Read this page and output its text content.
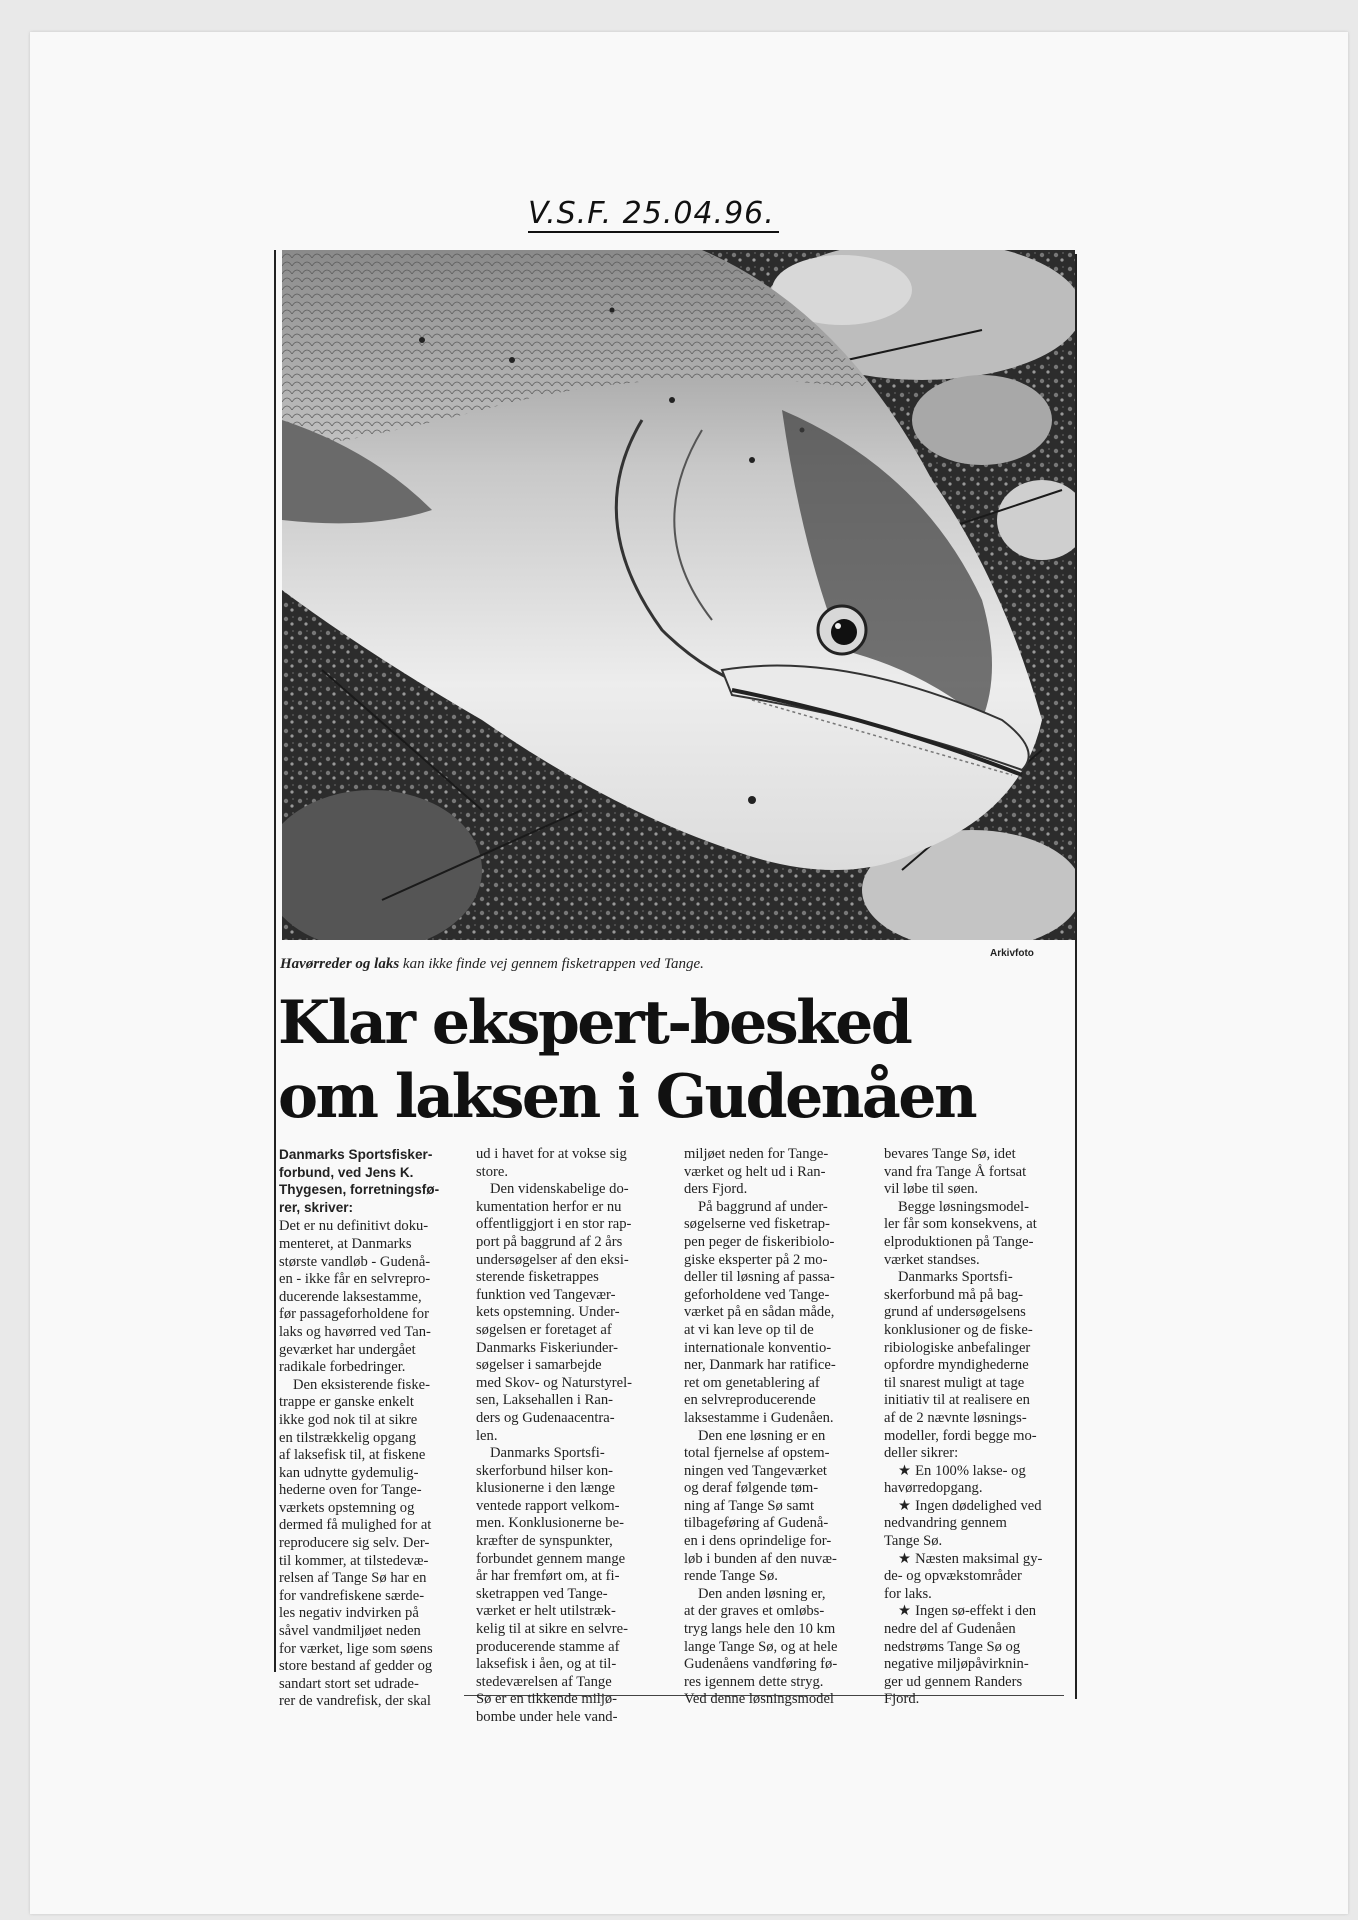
V.S.F. 25.04.96.
Havørreder og laks kan ikke finde vej gennem fisketrappen ved Tange.
Arkivfoto
Klar ekspert-besked
om laksen i Gudenåen
Danmarks Sportsfisker-
forbund, ved Jens K.
Thygesen, forretningsfø-
rer, skriver:

Det er nu definitivt doku-
menteret, at Danmarks
største vandløb - Gudenå-
en - ikke får en selvrepro-
ducerende laksestamme,
før passageforholdene for
laks og havørred ved Tan-
geværket har undergået
radikale forbedringer.

Den eksisterende fiske-
trappe er ganske enkelt
ikke god nok til at sikre
en tilstrækkelig opgang
af laksefisk til, at fiskene
kan udnytte gydemulig-
hederne oven for Tange-
værkets opstemning og
dermed få mulighed for at
reproducere sig selv. Der-
til kommer, at tilstedevæ-
relsen af Tange Sø har en
for vandrefiskene særde-
les negativ indvirken på
såvel vandmiljøet neden
for værket, lige som søens
store bestand af gedder og
sandart stort set udrade-
rer de vandrefisk, der skal

ud i havet for at vokse sig
store.

Den videnskabelige do-
kumentation herfor er nu
offentliggjort i en stor rap-
port på baggrund af 2 års
undersøgelser af den eksi-
sterende fisketrappes
funktion ved Tangevær-
kets opstemning. Under-
søgelsen er foretaget af
Danmarks Fiskeriunder-
søgelser i samarbejde
med Skov- og Naturstyrel-
sen, Laksehallen i Ran-
ders og Gudenaacentra-
len.

Danmarks Sportsfi-
skerforbund hilser kon-
klusionerne i den længe
ventede rapport velkom-
men. Konklusionerne be-
kræfter de synspunkter,
forbundet gennem mange
år har fremført om, at fi-
sketrappen ved Tange-
værket er helt utilstræk-
kelig til at sikre en selvre-
producerende stamme af
laksefisk i åen, og at til-
stedeværelsen af Tange
Sø er en tikkende miljø-
bombe under hele vand-

miljøet neden for Tange-
værket og helt ud i Ran-
ders Fjord.

På baggrund af under-
søgelserne ved fisketrap-
pen peger de fiskeribiolo-
giske eksperter på 2 mo-
deller til løsning af passa-
geforholdene ved Tange-
værket på en sådan måde,
at vi kan leve op til de
internationale konventio-
ner, Danmark har ratifice-
ret om genetablering af
en selvreproducerende
laksestamme i Gudenåen.

Den ene løsning er en
total fjernelse af opstem-
ningen ved Tangeværket
og deraf følgende tøm-
ning af Tange Sø samt
tilbageføring af Gudenå-
en i dens oprindelige for-
løb i bunden af den nuvæ-
rende Tange Sø.

Den anden løsning er,
at der graves et omløbs-
tryg langs hele den 10 km
lange Tange Sø, og at hele
Gudenåens vandføring fø-
res igennem dette stryg.
Ved denne løsningsmodel

bevares Tange Sø, idet
vand fra Tange Å fortsat
vil løbe til søen.

Begge løsningsmodel-
ler får som konsekvens, at
elproduktionen på Tange-
værket standses.

Danmarks Sportsfi-
skerforbund må på bag-
grund af undersøgelsens
konklusioner og de fiske-
ribiologiske anbefalinger
opfordre myndighederne
til snarest muligt at tage
initiativ til at realisere en
af de 2 nævnte løsnings-
modeller, fordi begge mo-
deller sikrer:

★ En 100% lakse- og
havørredopgang.

★ Ingen dødelighed ved
nedvandring gennem
Tange Sø.

★ Næsten maksimal gy-
de- og opvækstområder
for laks.

★ Ingen sø-effekt i den
nedre del af Gudenåen
nedstrøms Tange Sø og
negative miljøpåvirknin-
ger ud gennem Randers
Fjord.
